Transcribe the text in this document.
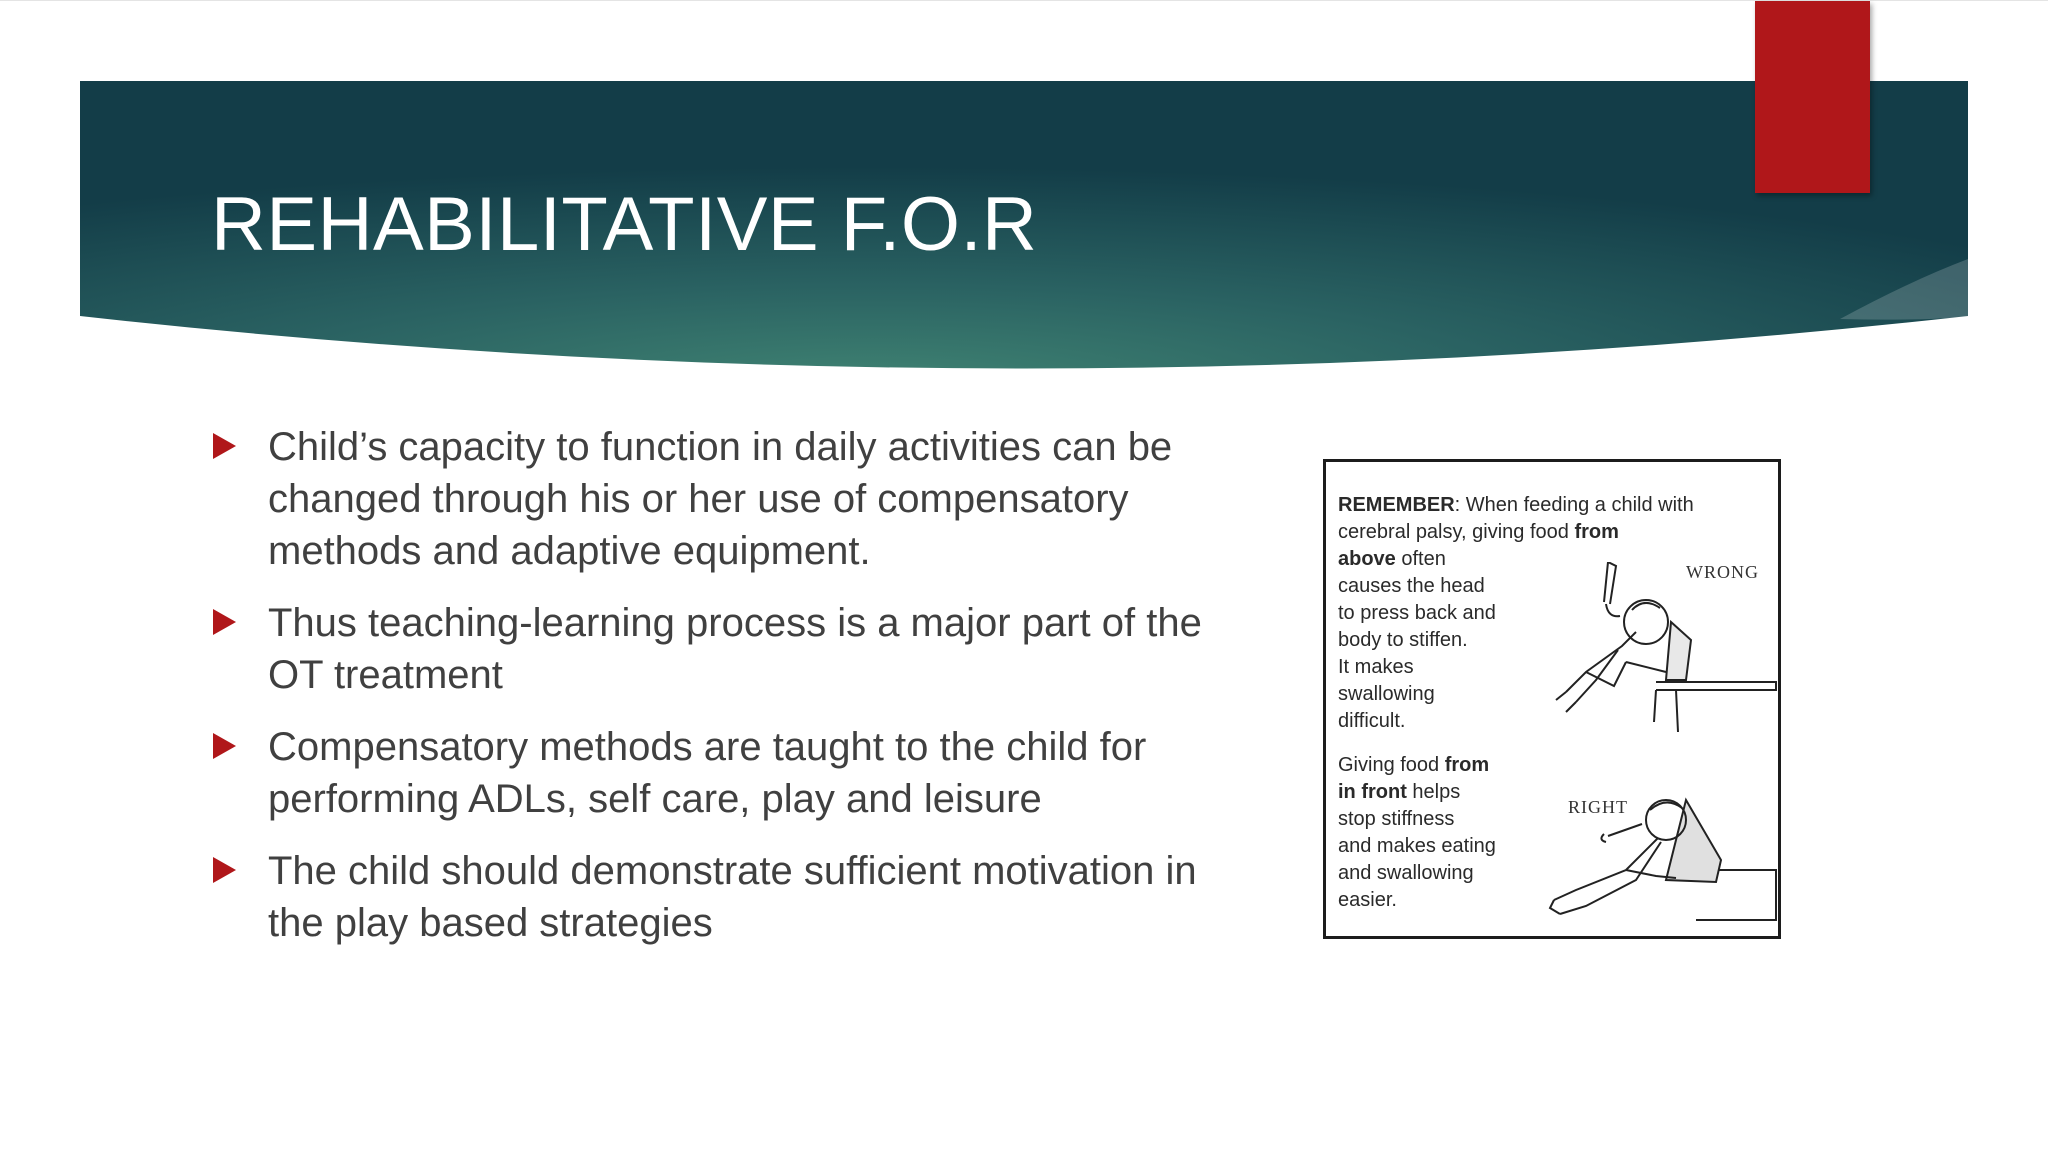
REHABILITATIVE F.O.R
Child’s capacity to function in daily activities can be changed through his or her use of compensatory methods and adaptive equipment.
Thus teaching-learning process is a major part of the OT treatment
Compensatory methods are taught to the child for performing ADLs, self care, play and leisure
The child should demonstrate sufficient motivation in the play based strategies
REMEMBER: When feeding a child with cerebral palsy, giving food from
above often
causes the head
to press back and
body to stiffen.
It makes
swallowing
difficult.
Giving food from
in front helps
stop stiffness
and makes eating
and swallowing
easier.
WRONG
RIGHT
